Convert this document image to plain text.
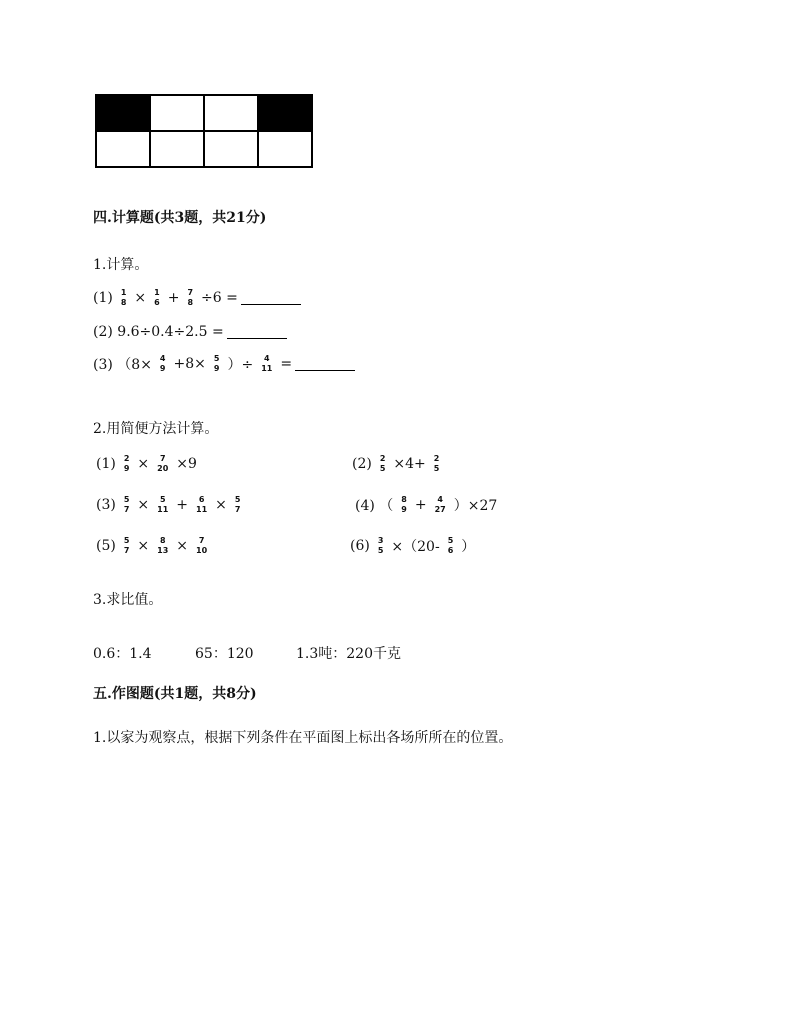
四.计算题(共3题，共21分)
1.计算。
(1) 1
8 × 1
6 + 7
8 ÷6 =
(2) 9.6÷0.4÷2.5 =
(3) （8× 4
9 +8× 5
9 ）÷ 4
11 =
2.用简便方法计算。
(1) 2
9 × 7
20 ×9	(2) 2
5 ×4+ 2
5
(3) 5
7 × 5
11 + 6
11 × 5
7	(4) （ 8
9 + 4
27 ）×27
(5) 5
7 × 8
13 × 7
10	(6) 3
5 ×（20- 5
6 ）
3.求比值。
0.6：1.4	65：120	1.3吨：220千克
五.作图题(共1题，共8分)
1.以家为观察点，根据下列条件在平面图上标出各场所所在的位置。
